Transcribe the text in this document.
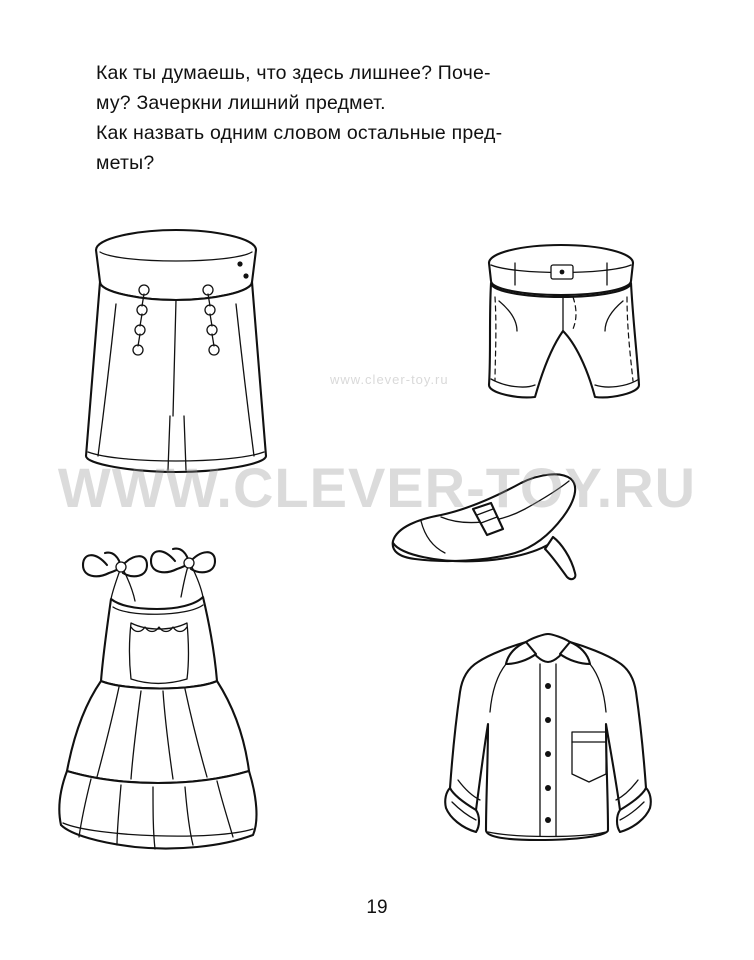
Как ты думаешь, что здесь лишнее? Поче-
му? Зачеркни лишний предмет.
Как назвать одним словом остальные пред-
меты?
www.clever-toy.ru
WWW.CLEVER-TOY.RU
19
